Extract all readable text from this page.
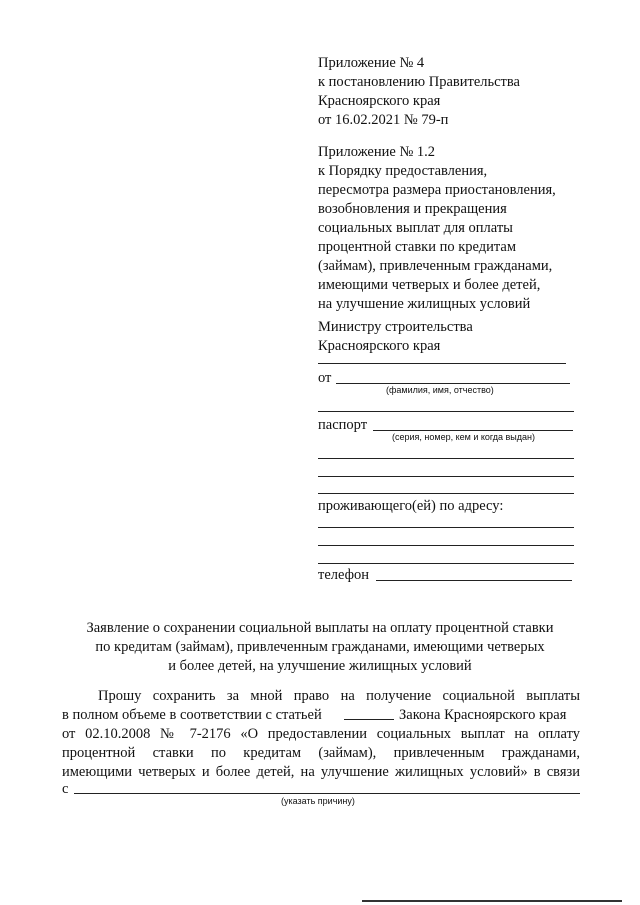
Приложение № 4
к постановлению Правительства
Красноярского края
от 16.02.2021 № 79-п
Приложение № 1.2
к Порядку предоставления,
пересмотра размера приостановления,
возобновления и прекращения
социальных выплат для оплаты
процентной ставки по кредитам
(займам), привлеченным гражданами,
имеющими четверых и более детей,
на улучшение жилищных условий
Министру строительства
Красноярского края
от
(фамилия, имя, отчество)
паспорт
(серия, номер, кем и когда выдан)
проживающего(ей) по адресу:
телефон
Заявление о сохранении социальной выплаты на оплату процентной ставки
по кредитам (займам), привлеченным гражданами, имеющими четверых
и более детей, на улучшение жилищных условий
Прошу сохранить за мной право на получение социальной выплаты
в полном объеме в соответствии с статьей	Закона Красноярского края
от 02.10.2008 № 7-2176 «О предоставлении социальных выплат на оплату
процентной ставки по кредитам (займам), привлеченным гражданами,
имеющими четверых и более детей, на улучшение жилищных условий» в связи
с
(указать причину)
